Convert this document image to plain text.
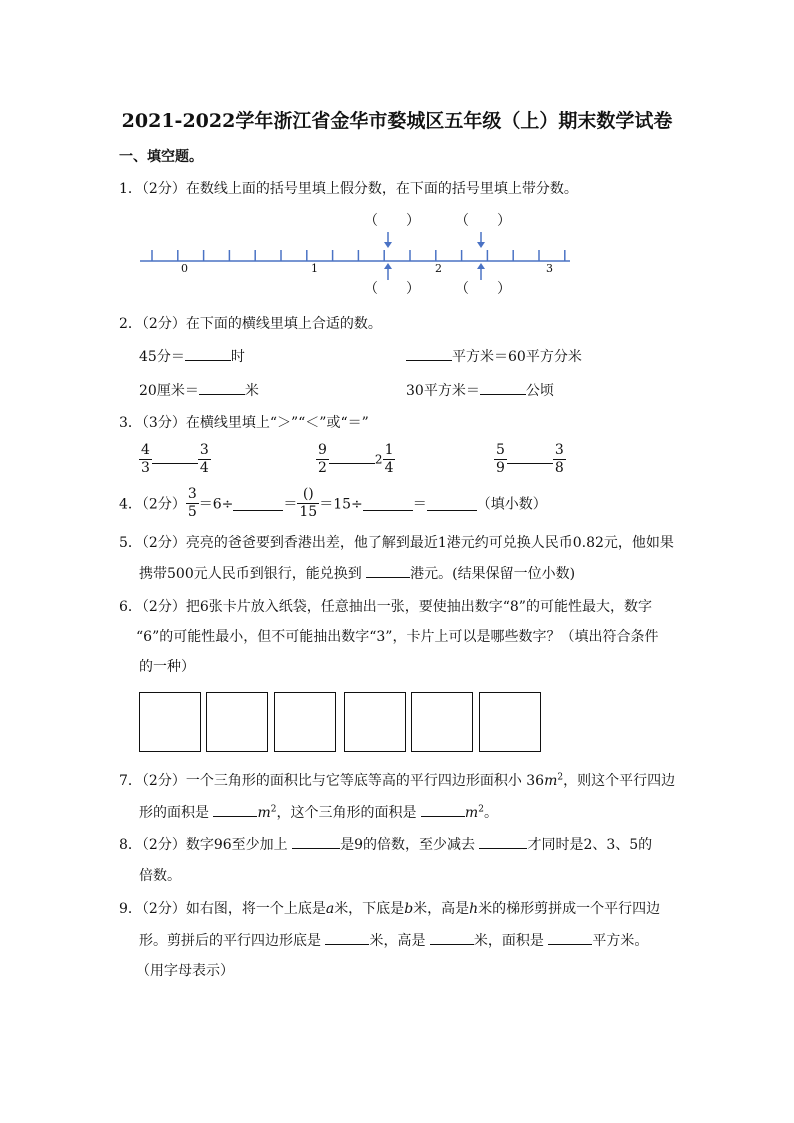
2021-2022学年浙江省金华市婺城区五年级（上）期末数学试卷
一、填空题。
1．（2分）在数线上面的括号里填上假分数，在下面的括号里填上带分数。
（　　）	（　　）
（　　）	（　　）
0	1	2	3
2．（2分）在下面的横线里填上合适的数。
45分＝	时	平方米＝60平方分米
20厘米＝	米	30平方米＝	公顷
3．（3分）在横线里填上“＞”“＜”或“＝”
$\frac{4}{3}$	$\frac{3}{4}$	$\frac{9}{2}$	$2 \frac{1}{4}$	$\frac{5}{9}$	$\frac{3}{8}$
4．（2分） $\frac{3}{5} =6\div$	＝ $\frac{()}{15} =15\div$	＝	（填小数）
5．（2分）亮亮的爸爸要到香港出差，他了解到最近1港元约可兑换人民币0.82元，他如果
携带500元人民币到银行，能兑换到	港元。(结果保留一位小数)
6．（2分）把6张卡片放入纸袋，任意抽出一张，要使抽出数字“8”的可能性最大，数字
“6”的可能性最小，但不可能抽出数字“3”，卡片上可以是哪些数字？（填出符合条件
的一种）
7．（2分）一个三角形的面积比与它等底等高的平行四边形面积小 $36m^2$，则这个平行四边
形的面积是	$m^2$，这个三角形的面积是	$m^2$。
8．（2分）数字96至少加上	是9的倍数，至少减去	才同时是2、3、5的
倍数。
9．（2分）如右图，将一个上底是a米，下底是b米，高是h米的梯形剪拼成一个平行四边
形。剪拼后的平行四边形底是	米，高是	米，面积是	平方米。
（用字母表示）
